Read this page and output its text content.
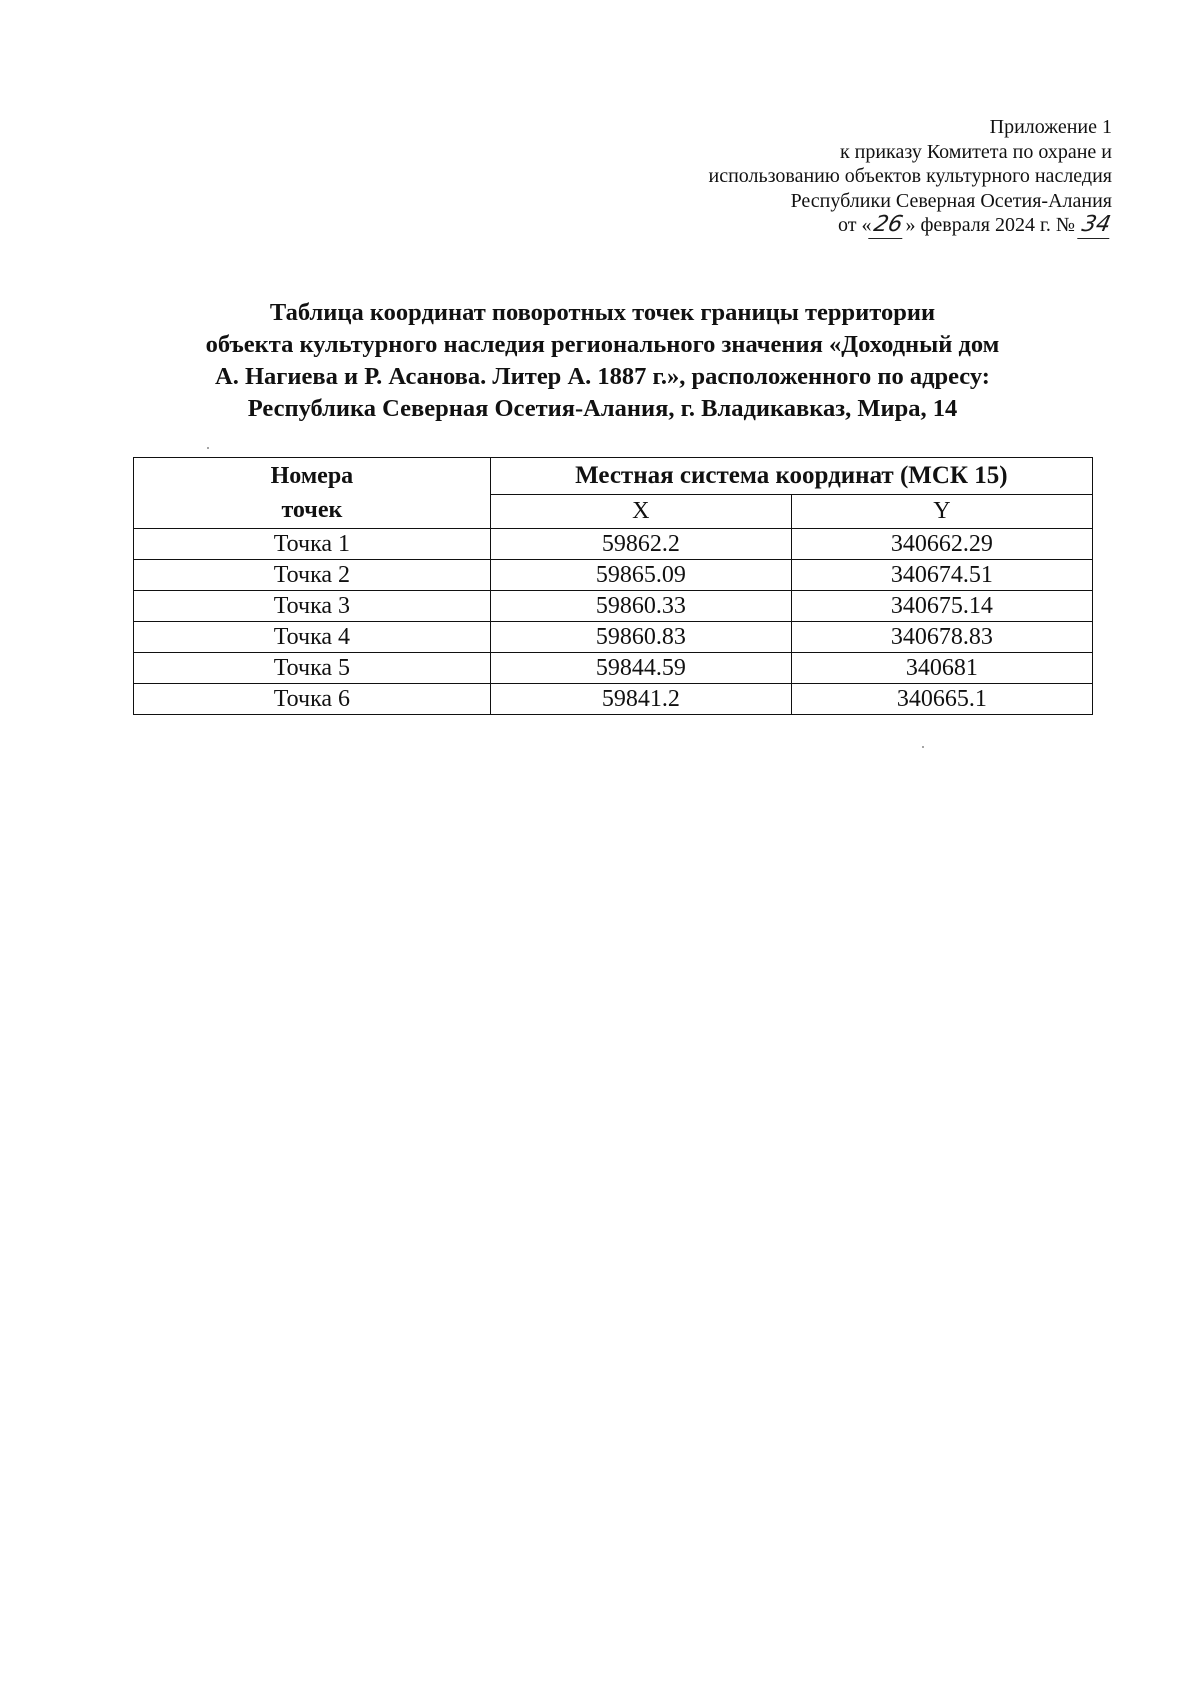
Приложение 1
к приказу Комитета по охране и
использованию объектов культурного наследия
Республики Северная Осетия-Алания
от «26» февраля 2024 г. № 34
Таблица координат поворотных точек границы территории
объекта культурного наследия регионального значения «Доходный дом
А. Нагиева и Р. Асанова. Литер А. 1887 г.», расположенного по адресу:
Республика Северная Осетия-Алания, г. Владикавказ, Мира, 14
Номера
точек	Местная система координат (МСК 15)	
	X	Y
Точка 1	59862.2	340662.29
Точка 2	59865.09	340674.51
Точка 3	59860.33	340675.14
Точка 4	59860.83	340678.83
Точка 5	59844.59	340681
Точка 6	59841.2	340665.1
